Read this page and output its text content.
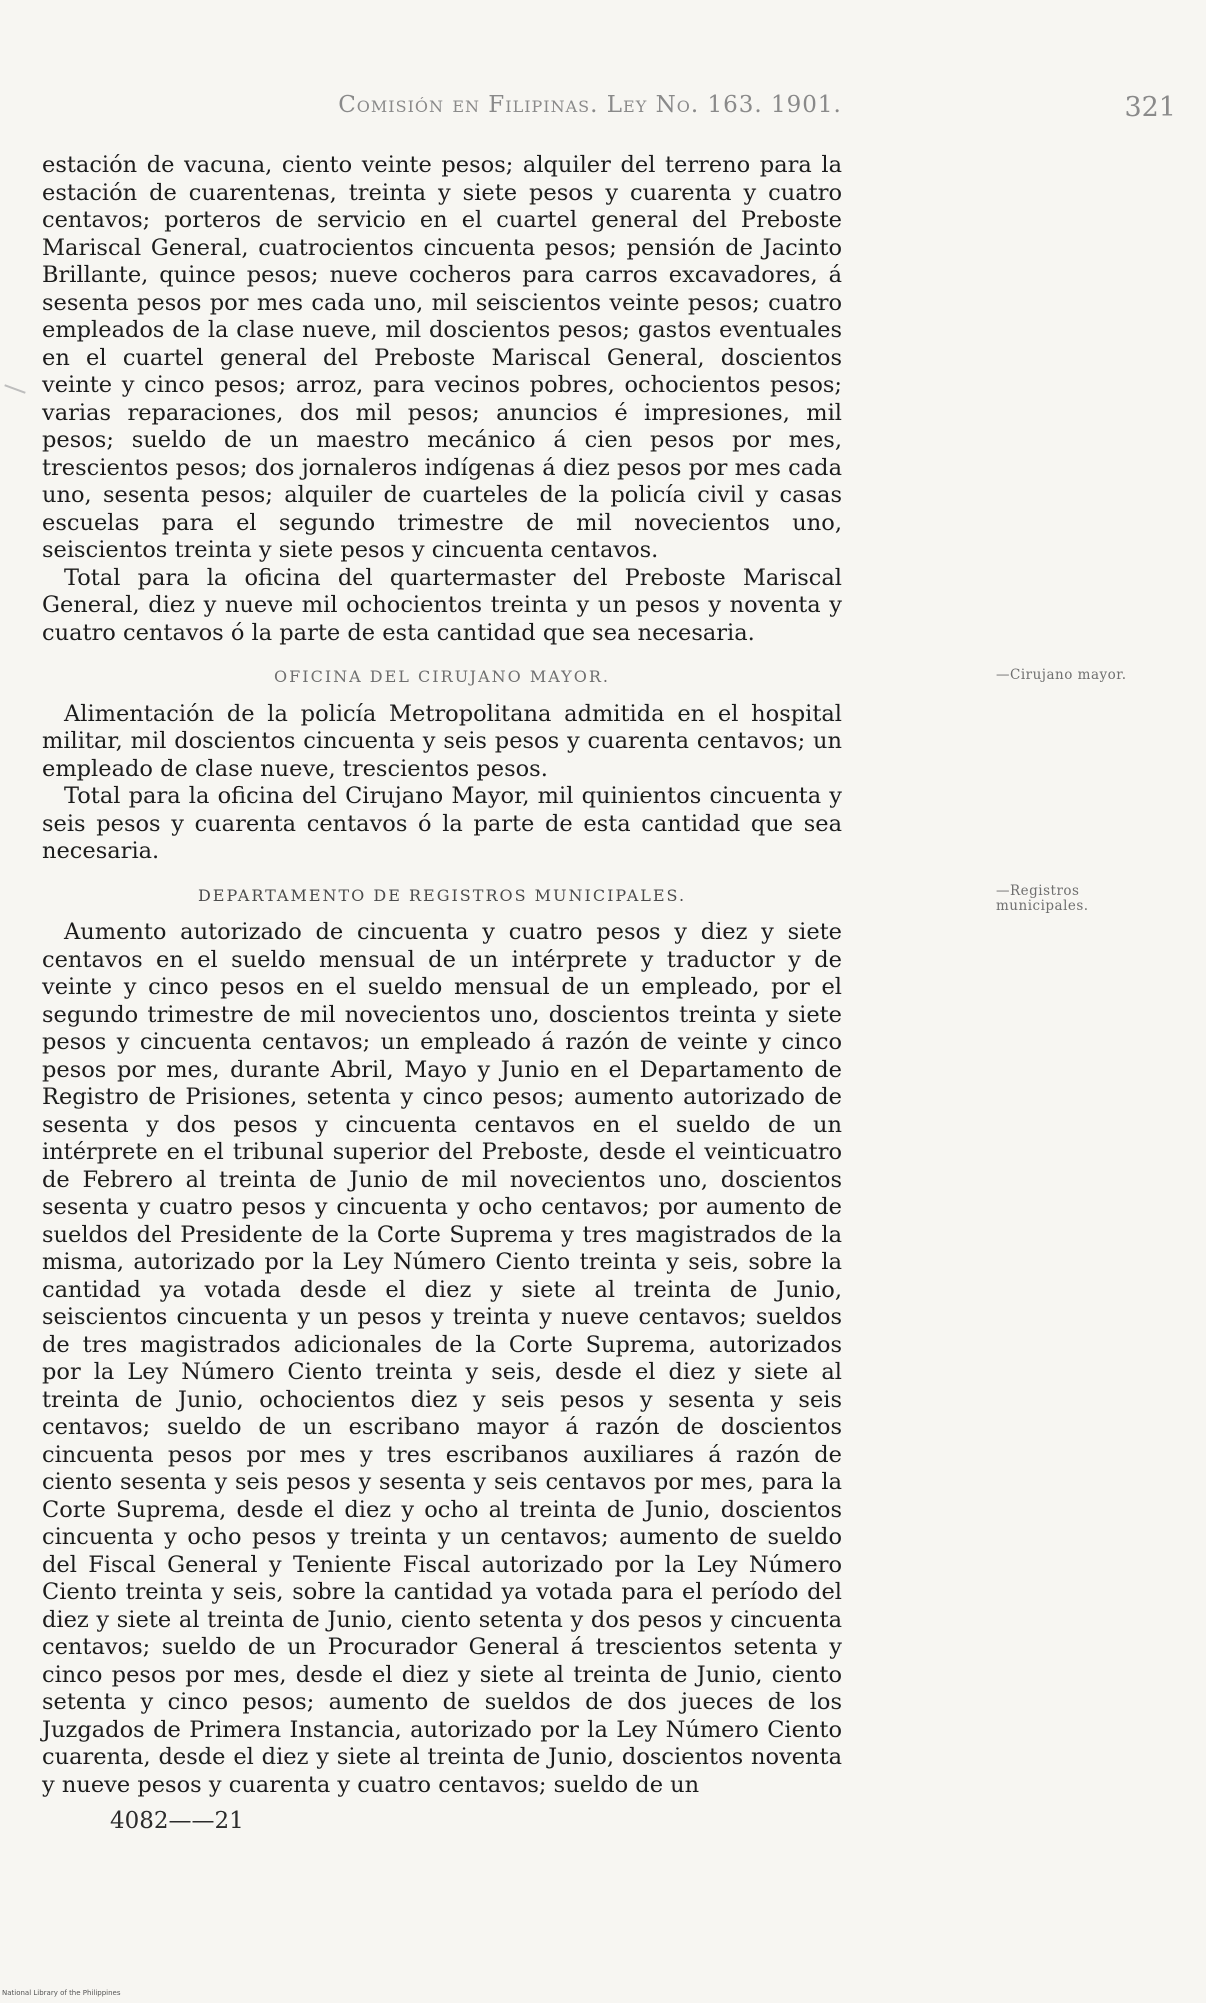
Comisión en Filipinas. Ley No. 163. 1901.	321

estación de vacuna, ciento veinte pesos; alquiler del terreno para la estación de cuarentenas, treinta y siete pesos y cuarenta y cuatro centavos; porteros de servicio en el cuartel general del Preboste Mariscal General, cuatrocientos cincuenta pesos; pensión de Jacinto Brillante, quince pesos; nueve cocheros para carros excavadores, á sesenta pesos por mes cada uno, mil seiscientos veinte pesos; cuatro empleados de la clase nueve, mil doscientos pesos; gastos eventuales en el cuartel general del Preboste Mariscal General, doscientos veinte y cinco pesos; arroz, para vecinos pobres, ochocientos pesos; varias reparaciones, dos mil pesos; anuncios é impresiones, mil pesos; sueldo de un maestro mecánico á cien pesos por mes, trescientos pesos; dos jornaleros indígenas á diez pesos por mes cada uno, sesenta pesos; alquiler de cuarteles de la policía civil y casas escuelas para el segundo trimestre de mil novecientos uno, seiscientos treinta y siete pesos y cincuenta centavos.

Total para la oficina del quartermaster del Preboste Mariscal General, diez y nueve mil ochocientos treinta y un pesos y noventa y cuatro centavos ó la parte de esta cantidad que sea necesaria.

OFICINA DEL CIRUJANO MAYOR.

Alimentación de la policía Metropolitana admitida en el hospital militar, mil doscientos cincuenta y seis pesos y cuarenta centavos; un empleado de clase nueve, trescientos pesos.

Total para la oficina del Cirujano Mayor, mil quinientos cincuenta y seis pesos y cuarenta centavos ó la parte de esta cantidad que sea necesaria.

DEPARTAMENTO DE REGISTROS MUNICIPALES.

Aumento autorizado de cincuenta y cuatro pesos y diez y siete centavos en el sueldo mensual de un intérprete y traductor y de veinte y cinco pesos en el sueldo mensual de un empleado, por el segundo trimestre de mil novecientos uno, doscientos treinta y siete pesos y cincuenta centavos; un empleado á razón de veinte y cinco pesos por mes, durante Abril, Mayo y Junio en el Departamento de Registro de Prisiones, setenta y cinco pesos; aumento autorizado de sesenta y dos pesos y cincuenta centavos en el sueldo de un intérprete en el tribunal superior del Preboste, desde el veinticuatro de Febrero al treinta de Junio de mil novecientos uno, doscientos sesenta y cuatro pesos y cincuenta y ocho centavos; por aumento de sueldos del Presidente de la Corte Suprema y tres magistrados de la misma, autorizado por la Ley Número Ciento treinta y seis, sobre la cantidad ya votada desde el diez y siete al treinta de Junio, seiscientos cincuenta y un pesos y treinta y nueve centavos; sueldos de tres magistrados adicionales de la Corte Suprema, autorizados por la Ley Número Ciento treinta y seis, desde el diez y siete al treinta de Junio, ochocientos diez y seis pesos y sesenta y seis centavos; sueldo de un escribano mayor á razón de doscientos cincuenta pesos por mes y tres escribanos auxiliares á razón de ciento sesenta y seis pesos y sesenta y seis centavos por mes, para la Corte Suprema, desde el diez y ocho al treinta de Junio, doscientos cincuenta y ocho pesos y treinta y un centavos; aumento de sueldo del Fiscal General y Teniente Fiscal autorizado por la Ley Número Ciento treinta y seis, sobre la cantidad ya votada para el período del diez y siete al treinta de Junio, ciento setenta y dos pesos y cincuenta centavos; sueldo de un Procurador General á trescientos setenta y cinco pesos por mes, desde el diez y siete al treinta de Junio, ciento setenta y cinco pesos; aumento de sueldos de dos jueces de los Juzgados de Primera Instancia, autorizado por la Ley Número Ciento cuarenta, desde el diez y siete al treinta de Junio, doscientos noventa y nueve pesos y cuarenta y cuatro centavos; sueldo de un

—Cirujano mayor.
—Registros municipales.
4082——21
National Library of the Philippines
